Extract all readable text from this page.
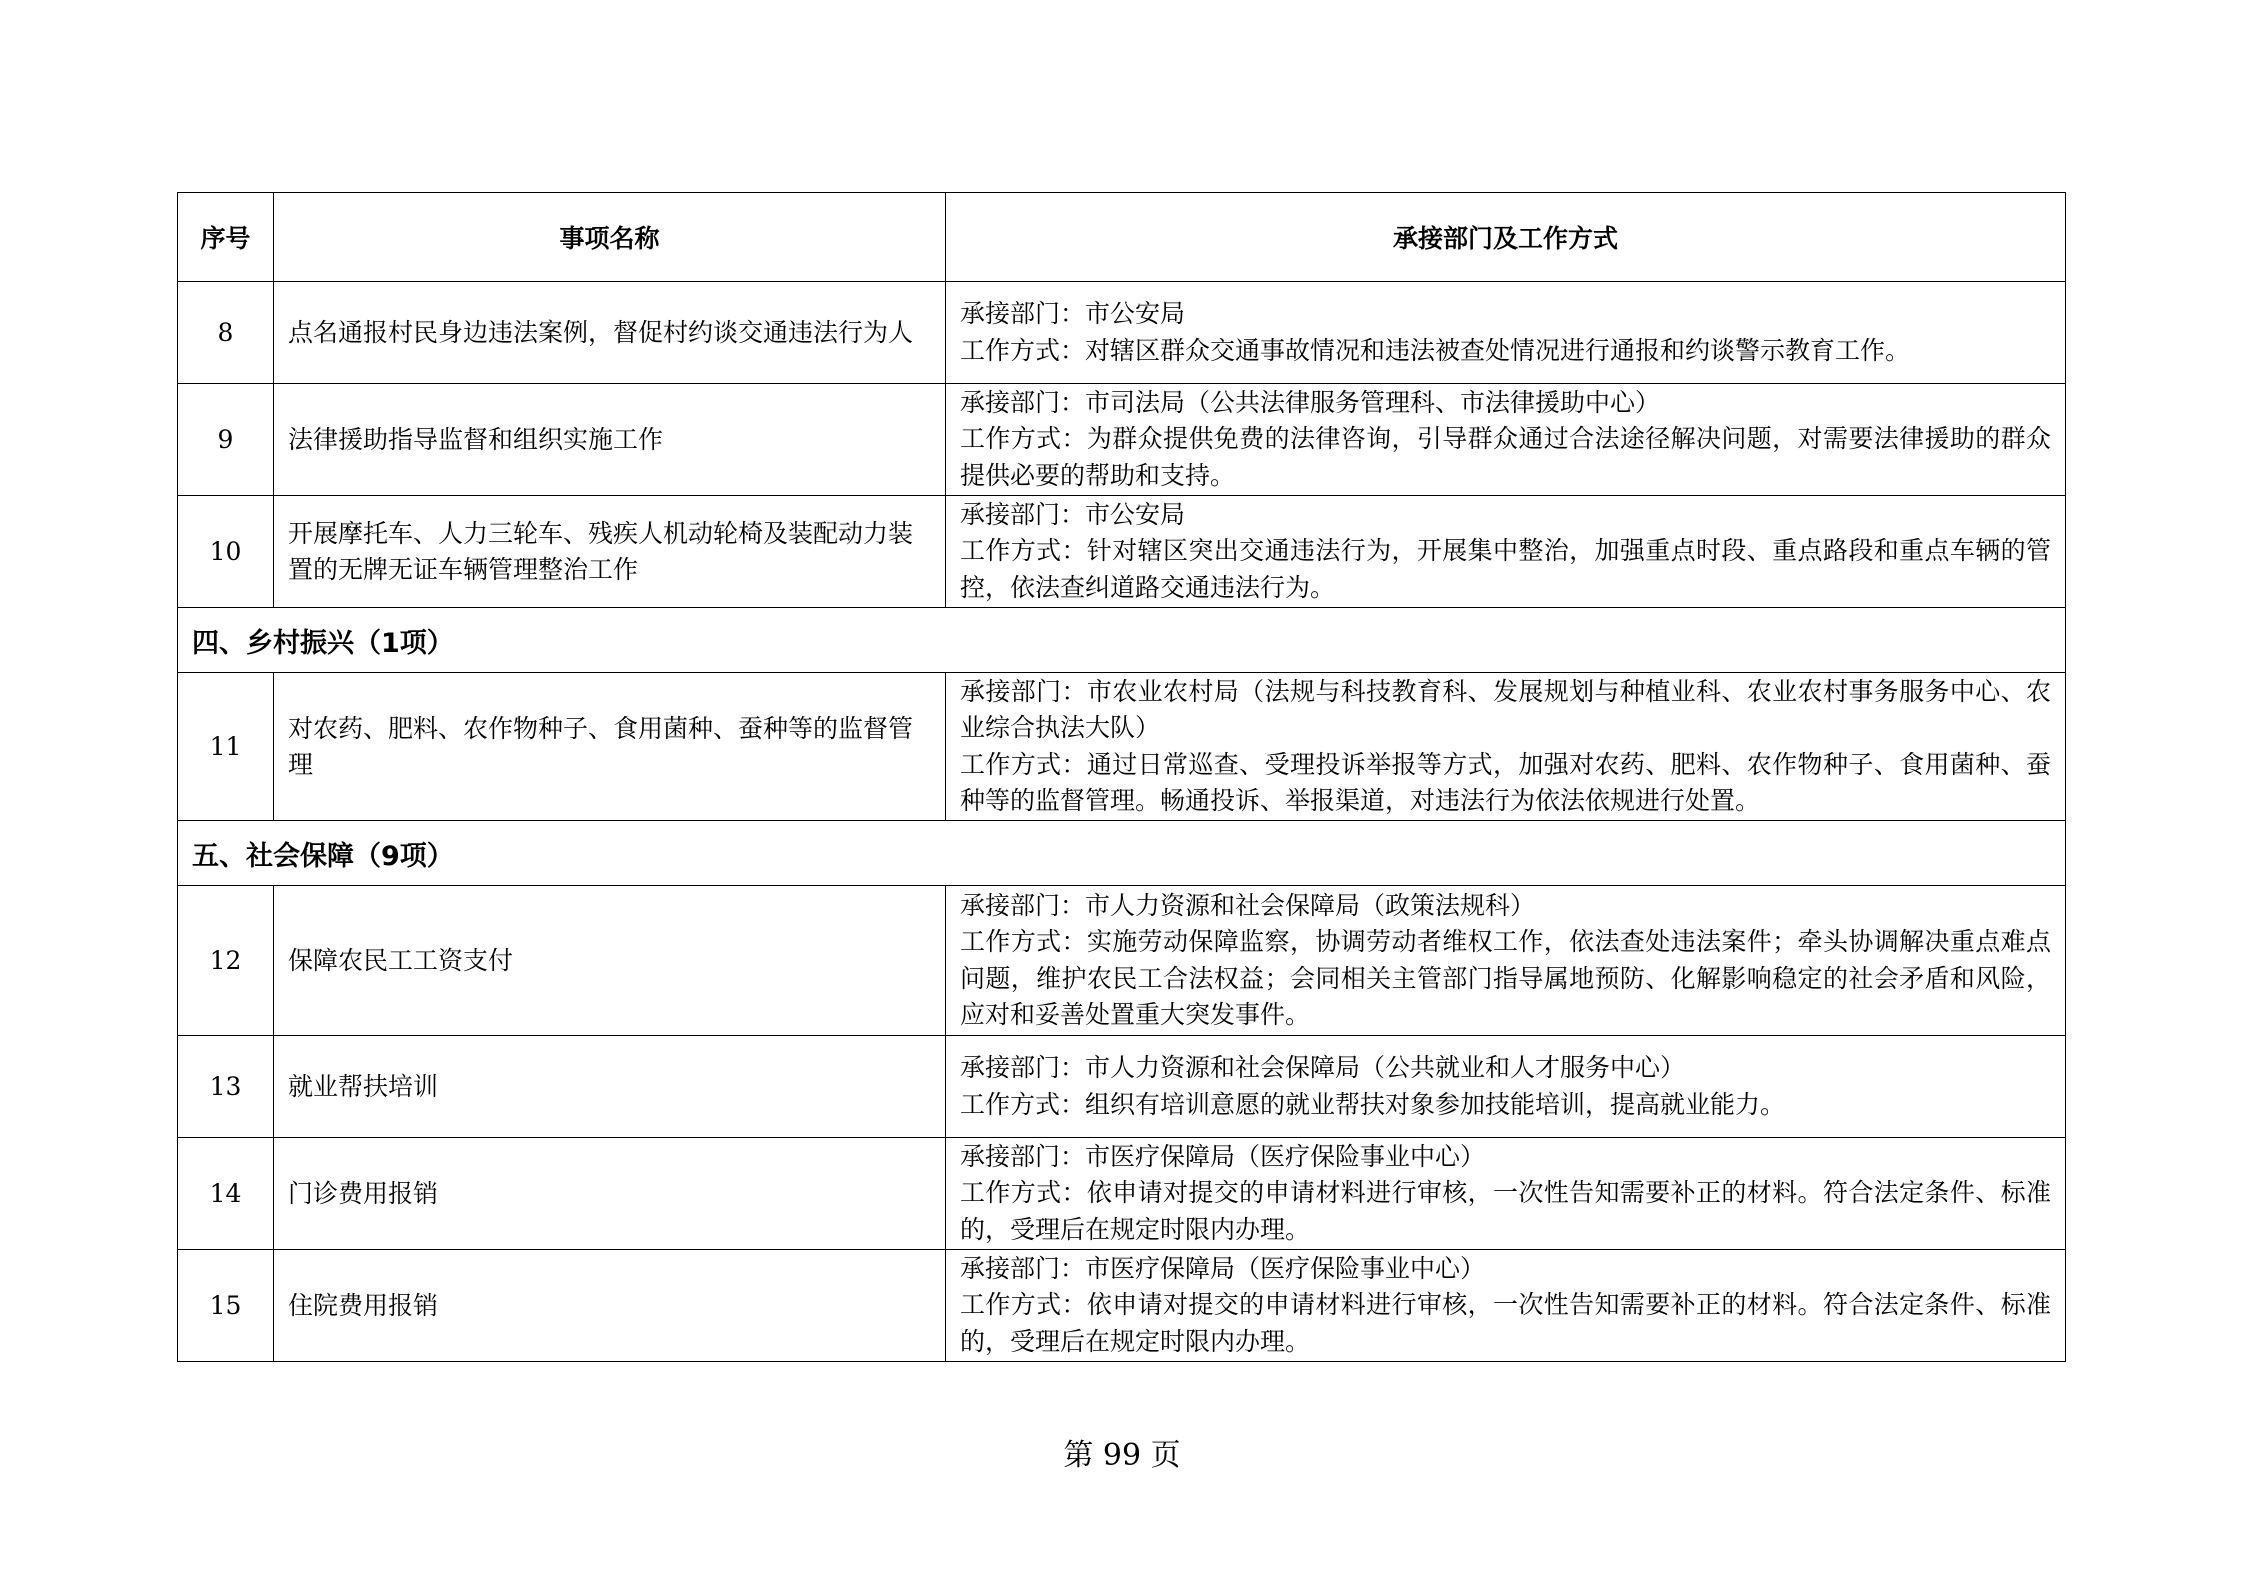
序号	事项名称	承接部门及工作方式
8	点名通报村民身边违法案例，督促村约谈交通违法行为人	承接部门：市公安局
工作方式：对辖区群众交通事故情况和违法被查处情况进行通报和约谈警示教育工作。

9	法律援助指导监督和组织实施工作	承接部门：市司法局（公共法律服务管理科、市法律援助中心）
工作方式：为群众提供免费的法律咨询，引导群众通过合法途径解决问题，对需要法律援助的群众提供必要的帮助和支持。

10	开展摩托车、人力三轮车、残疾人机动轮椅及装配动力装置的无牌无证车辆管理整治工作	承接部门：市公安局
工作方式：针对辖区突出交通违法行为，开展集中整治，加强重点时段、重点路段和重点车辆的管控，依法查纠道路交通违法行为。

四、乡村振兴（1项）		
11	对农药、肥料、农作物种子、食用菌种、蚕种等的监督管理	承接部门：市农业农村局（法规与科技教育科、发展规划与种植业科、农业农村事务服务中心、农业综合执法大队）
工作方式：通过日常巡查、受理投诉举报等方式，加强对农药、肥料、农作物种子、食用菌种、蚕种等的监督管理。畅通投诉、举报渠道，对违法行为依法依规进行处置。

五、社会保障（9项）		
12	保障农民工工资支付	承接部门：市人力资源和社会保障局（政策法规科）
工作方式：实施劳动保障监察，协调劳动者维权工作，依法查处违法案件；牵头协调解决重点难点问题，维护农民工合法权益；会同相关主管部门指导属地预防、化解影响稳定的社会矛盾和风险，应对和妥善处置重大突发事件。

13	就业帮扶培训	承接部门：市人力资源和社会保障局（公共就业和人才服务中心）
工作方式：组织有培训意愿的就业帮扶对象参加技能培训，提高就业能力。

14	门诊费用报销	承接部门：市医疗保障局（医疗保险事业中心）
工作方式：依申请对提交的申请材料进行审核，一次性告知需要补正的材料。符合法定条件、标准的，受理后在规定时限内办理。

15	住院费用报销	承接部门：市医疗保障局（医疗保险事业中心）
工作方式：依申请对提交的申请材料进行审核，一次性告知需要补正的材料。符合法定条件、标准的，受理后在规定时限内办理。
第 99 页
